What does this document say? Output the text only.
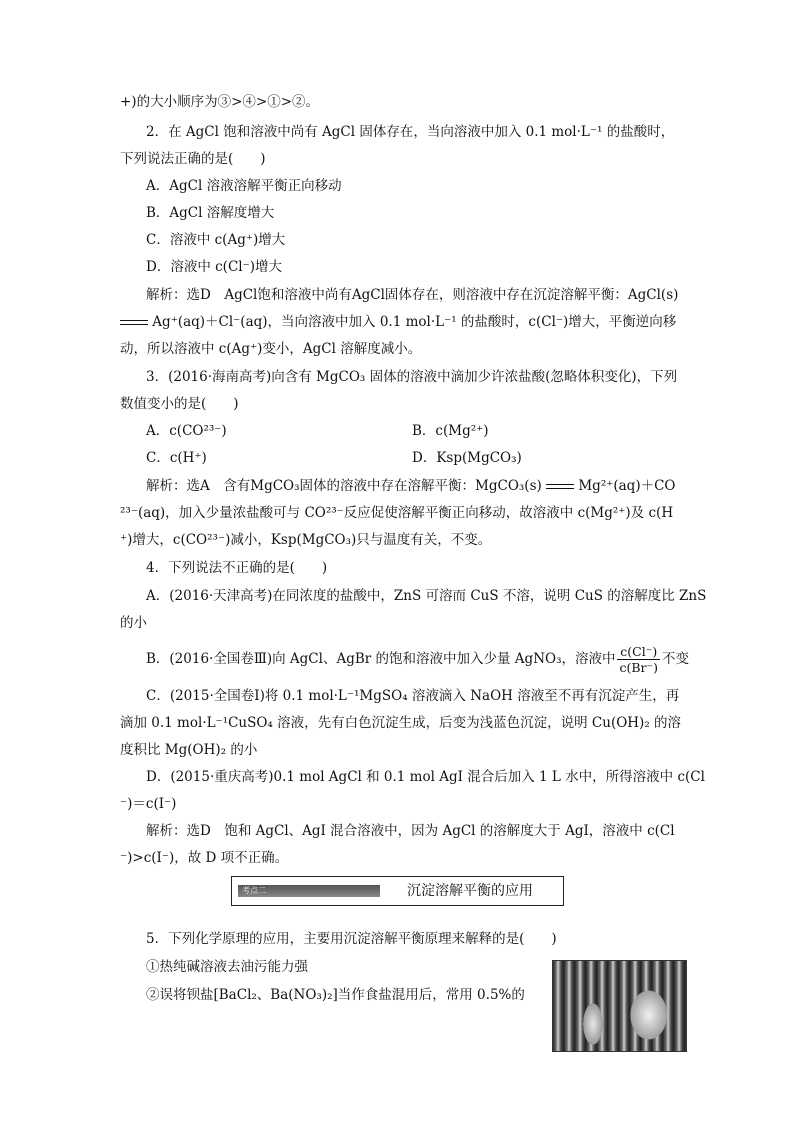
+)的大小顺序为③>④>①>②。
2．在 AgCl 饱和溶液中尚有 AgCl 固体存在，当向溶液中加入 0.1 mol·L⁻¹ 的盐酸时，
下列说法正确的是(　　)
A．AgCl 溶液溶解平衡正向移动
B．AgCl 溶解度增大
C．溶液中 c(Ag⁺)增大
D．溶液中 c(Cl⁻)增大
解析：选D　AgCl饱和溶液中尚有AgCl固体存在，则溶液中存在沉淀溶解平衡：AgCl(s)
Ag⁺(aq)＋Cl⁻(aq)，当向溶液中加入 0.1 mol·L⁻¹ 的盐酸时，c(Cl⁻)增大，平衡逆向移
动，所以溶液中 c(Ag⁺)变小，AgCl 溶解度减小。
3．(2016·海南高考)向含有 MgCO₃ 固体的溶液中滴加少许浓盐酸(忽略体积变化)，下列
数值变小的是(　　)
A．c(CO²³⁻)	B．c(Mg²⁺)
C．c(H⁺)	D．Ksp(MgCO₃)
解析：选A　含有MgCO₃固体的溶液中存在溶解平衡：MgCO₃(s)	Mg²⁺(aq)＋CO
²³⁻(aq)，加入少量浓盐酸可与 CO²³⁻反应促使溶解平衡正向移动，故溶液中 c(Mg²⁺)及 c(H
⁺)增大，c(CO²³⁻)减小，Ksp(MgCO₃)只与温度有关，不变。
4．下列说法不正确的是(　　)
A．(2016·天津高考)在同浓度的盐酸中，ZnS 可溶而 CuS 不溶，说明 CuS 的溶解度比 ZnS
的小
B．(2016·全国卷Ⅲ)向 AgCl、AgBr 的饱和溶液中加入少量 AgNO₃，溶液中 $\frac{c(Cl^-)}{c(Br^-)}$ 不变
C．(2015·全国卷Ⅰ)将 0.1 mol·L⁻¹MgSO₄ 溶液滴入 NaOH 溶液至不再有沉淀产生，再
滴加 0.1 mol·L⁻¹CuSO₄ 溶液，先有白色沉淀生成，后变为浅蓝色沉淀，说明 Cu(OH)₂ 的溶
度积比 Mg(OH)₂ 的小
D．(2015·重庆高考)0.1 mol AgCl 和 0.1 mol AgI 混合后加入 1 L 水中，所得溶液中 c(Cl
⁻)＝c(I⁻)
解析：选D　饱和 AgCl、AgI 混合溶液中，因为 AgCl 的溶解度大于 AgI，溶液中 c(Cl
⁻)>c(I⁻)，故 D 项不正确。
考点二	沉淀溶解平衡的应用
5．下列化学原理的应用，主要用沉淀溶解平衡原理来解释的是(　　)
①热纯碱溶液去油污能力强
②误将钡盐[BaCl₂、Ba(NO₃)₂]当作食盐混用后，常用 0.5%的
